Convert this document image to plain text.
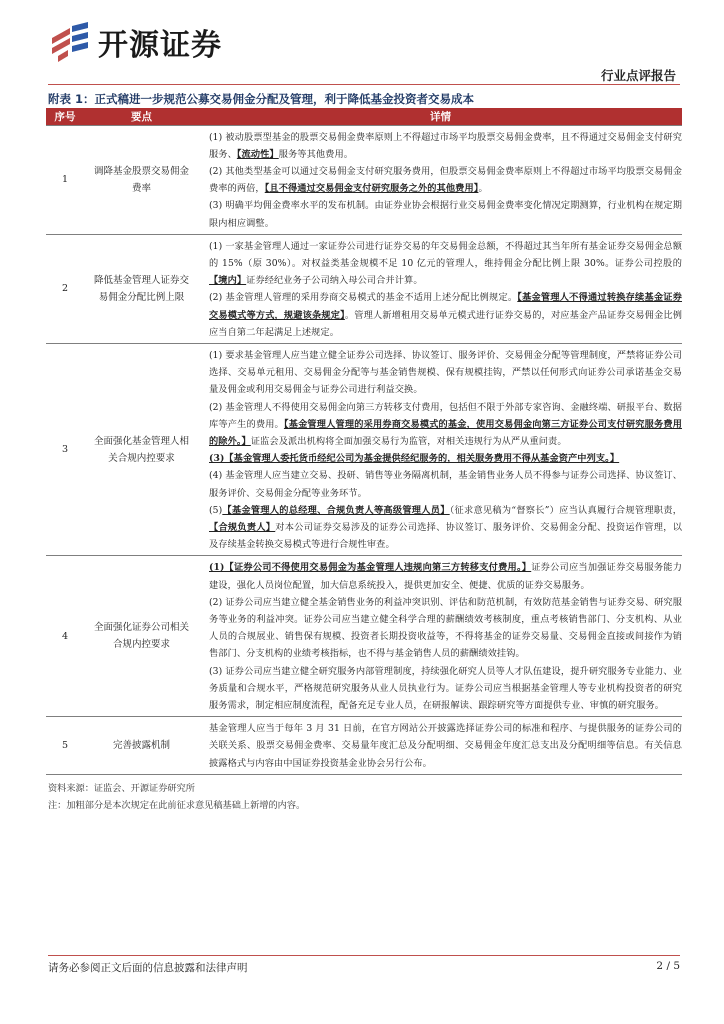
开源证券
行业点评报告
附表 1：正式稿进一步规范公募交易佣金分配及管理，利于降低基金投资者交易成本
序号	要点	详情
1	调降基金股票交易佣金费率	(1) 被动股票型基金的股票交易佣金费率原则上不得超过市场平均股票交易佣金费率，且不得通过交易佣金支付研究服务、【流动性】服务等其他费用。
(2) 其他类型基金可以通过交易佣金支付研究服务费用，但股票交易佣金费率原则上不得超过市场平均股票交易佣金费率的两倍，【且不得通过交易佣金支付研究服务之外的其他费用】。
(3) 明确平均佣金费率水平的发布机制。由证券业协会根据行业交易佣金费率变化情况定期测算，行业机构在规定期限内相应调整。

2	降低基金管理人证券交易佣金分配比例上限	(1) 一家基金管理人通过一家证券公司进行证券交易的年交易佣金总额，不得超过其当年所有基金证券交易佣金总额的 15%（原 30%）。对权益类基金规模不足 10 亿元的管理人，维持佣金分配比例上限 30%。证券公司控股的【境内】证券经纪业务子公司纳入母公司合并计算。
(2) 基金管理人管理的采用券商交易模式的基金不适用上述分配比例规定。【基金管理人不得通过转换存续基金证券交易模式等方式，规避该条规定】。管理人新增租用交易单元模式进行证券交易的，对应基金产品证券交易佣金比例应当自第二年起满足上述规定。

3	全面强化基金管理人相关合规内控要求	(1) 要求基金管理人应当建立健全证券公司选择、协议签订、服务评价、交易佣金分配等管理制度，严禁将证券公司选择、交易单元租用、交易佣金分配等与基金销售规模、保有规模挂钩，严禁以任何形式向证券公司承诺基金交易量及佣金或利用交易佣金与证券公司进行利益交换。
(2) 基金管理人不得使用交易佣金向第三方转移支付费用，包括但不限于外部专家咨询、金融终端、研报平台、数据库等产生的费用。【基金管理人管理的采用券商交易模式的基金，使用交易佣金向第三方证券公司支付研究服务费用的除外。】证监会及派出机构将全面加强交易行为监管，对相关违规行为从严从重问责。
(3)【基金管理人委托货币经纪公司为基金提供经纪服务的，相关服务费用不得从基金资产中列支。】
(4) 基金管理人应当建立交易、投研、销售等业务隔离机制，基金销售业务人员不得参与证券公司选择、协议签订、服务评价、交易佣金分配等业务环节。
(5)【基金管理人的总经理、合规负责人等高级管理人员】（征求意见稿为“督察长”）应当认真履行合规管理职责，【合规负责人】对本公司证券交易涉及的证券公司选择、协议签订、服务评价、交易佣金分配、投资运作管理，以及存续基金转换交易模式等进行合规性审查。

4	全面强化证券公司相关合规内控要求	(1)【证券公司不得使用交易佣金为基金管理人违规向第三方转移支付费用。】证券公司应当加强证券交易服务能力建设，强化人员岗位配置，加大信息系统投入，提供更加安全、便捷、优质的证券交易服务。
(2) 证券公司应当建立健全基金销售业务的利益冲突识别、评估和防范机制，有效防范基金销售与证券交易、研究服务等业务的利益冲突。证券公司应当建立健全科学合理的薪酬绩效考核制度，重点考核销售部门、分支机构、从业人员的合规展业、销售保有规模、投资者长期投资收益等，不得将基金的证券交易量、交易佣金直接或间接作为销售部门、分支机构的业绩考核指标，也不得与基金销售人员的薪酬绩效挂钩。
(3) 证券公司应当建立健全研究服务内部管理制度，持续强化研究人员等人才队伍建设，提升研究服务专业能力、业务质量和合规水平，严格规范研究服务从业人员执业行为。证券公司应当根据基金管理人等专业机构投资者的研究服务需求，制定相应制度流程，配备充足专业人员，在研报解读、跟踪研究等方面提供专业、审慎的研究服务。

5	完善披露机制	基金管理人应当于每年 3 月 31 日前，在官方网站公开披露选择证券公司的标准和程序、与提供服务的证券公司的关联关系、股票交易佣金费率、交易量年度汇总及分配明细、交易佣金年度汇总支出及分配明细等信息。有关信息披露格式与内容由中国证券投资基金业协会另行公布。
资料来源：证监会、开源证券研究所
注：加粗部分是本次规定在此前征求意见稿基础上新增的内容。
请务必参阅正文后面的信息披露和法律声明	2 / 5
